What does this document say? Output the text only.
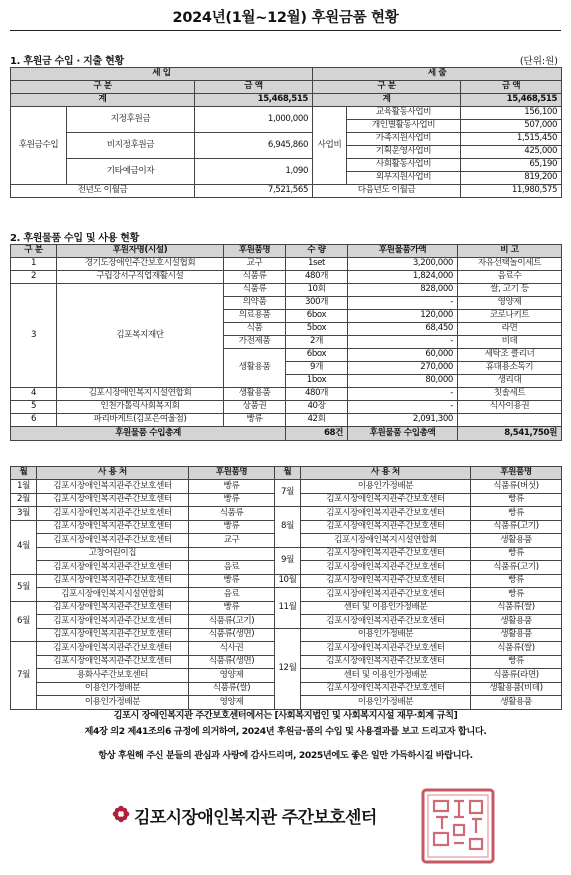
2024년(1월~12월) 후원금품 현황
1. 후원금 수입 · 지출 현황	(단위:원)
세 입			세 출		
구 분		금 액	구 분		금 액
계		15,468,515	계		15,468,515
후원금수입	지정후원금	1,000,000	사업비	교육활동사업비	156,100
				개인별활동사업비	507,000
	비지정후원금	6,945,860		가족지원사업비	1,515,450
				기획운영사업비	425,000
	기타예금이자	1,090		사회활동사업비	65,190
				외부지원사업비	819,200
전년도 이월금		7,521,565	다음년도 이월금		11,980,575
2. 후원물품 수입 및 사용 현황
구 분	후원자명(시설)	후원품명	수 량	후원물품가액	비 고
1	경기도장애인주간보호시설협회	교구	1set	3,200,000	자유선택놀이세트
2	구립강서구직업재활시설	식품류	480개	1,824,000	음료수
3	김포복지재단	식품류	10회	828,000	쌀, 고기 등
		의약품	300개	-	영양제
		의료용품	6box	120,000	코로나키트
		식품	5box	68,450	라면
		가전제품	2개	-	비데
		생활용품	6box	60,000	세탁조 클리너
			9개	270,000	휴대용소독기
			1box	80,000	생리대
4	김포시장애인복지시설연합회	생활용품	480개	-	칫솔세트
5	인천가톨릭사회복지회	상품권	40장	-	식사이용권
6	파리바게트(김포은여울점)	빵류	42회	2,091,300	
후원물품 수입총계			68건	후원물품 수입총액	8,541,750원
월	사 용 처	후원품명	월	사 용 처	후원품명
1월	김포시장애인복지관주간보호센터	빵류	7월	이용인가정배분	식품류(버섯)
2월	김포시장애인복지관주간보호센터	빵류		김포시장애인복지관주간보호센터	빵류
3월	김포시장애인복지관주간보호센터	식품류	8월	김포시장애인복지관주간보호센터	빵류
4월	김포시장애인복지관주간보호센터	빵류		김포시장애인복지관주간보호센터	식품류(고기)
	김포시장애인복지관주간보호센터	교구		김포시장애인복지시설연합회	생활용품
	고창어린이집		9월	김포시장애인복지관주간보호센터	빵류
	김포시장애인복지관주간보호센터	음료		김포시장애인복지관주간보호센터	식품류(고기)
5월	김포시장애인복지관주간보호센터	빵류	10월	김포시장애인복지관주간보호센터	빵류
	김포시장애인복지시설연합회	음료	11월	김포시장애인복지관주간보호센터	빵류
6월	김포시장애인복지관주간보호센터	빵류		센터 및 이용인가정배분	식품류(쌀)
	김포시장애인복지관주간보호센터	식품류(고기)		김포시장애인복지관주간보호센터	생활용품
	김포시장애인복지관주간보호센터	식품류(생면)	12월	이용인가정배분	생활용품
7월	김포시장애인복지관주간보호센터	식사권		김포시장애인복지관주간보호센터	식품류(쌀)
	김포시장애인복지관주간보호센터	식품류(생면)		김포시장애인복지관주간보호센터	빵류
	용화사주간보호센터	영양제		센터 및 이용인가정배분	식품류(라면)
	이용인가정배분	식품류(쌀)		김포시장애인복지관주간보호센터	생활용품(비데)
	이용인가정배분	영양제		이용인가정배분	생활용품
김포시 장애인복지관 주간보호센터에서는 [사회복지법인 및 사회복지시설 재무·회계 규칙]
제4장 의2 제41조의6 규정에 의거하여, 2024년 후원금·품의 수입 및 사용결과를 보고 드리고자 합니다.
항상 후원해 주신 분들의 관심과 사랑에 감사드리며, 2025년에도 좋은 일만 가득하시길 바랍니다.
김포시장애인복지관 주간보호센터
